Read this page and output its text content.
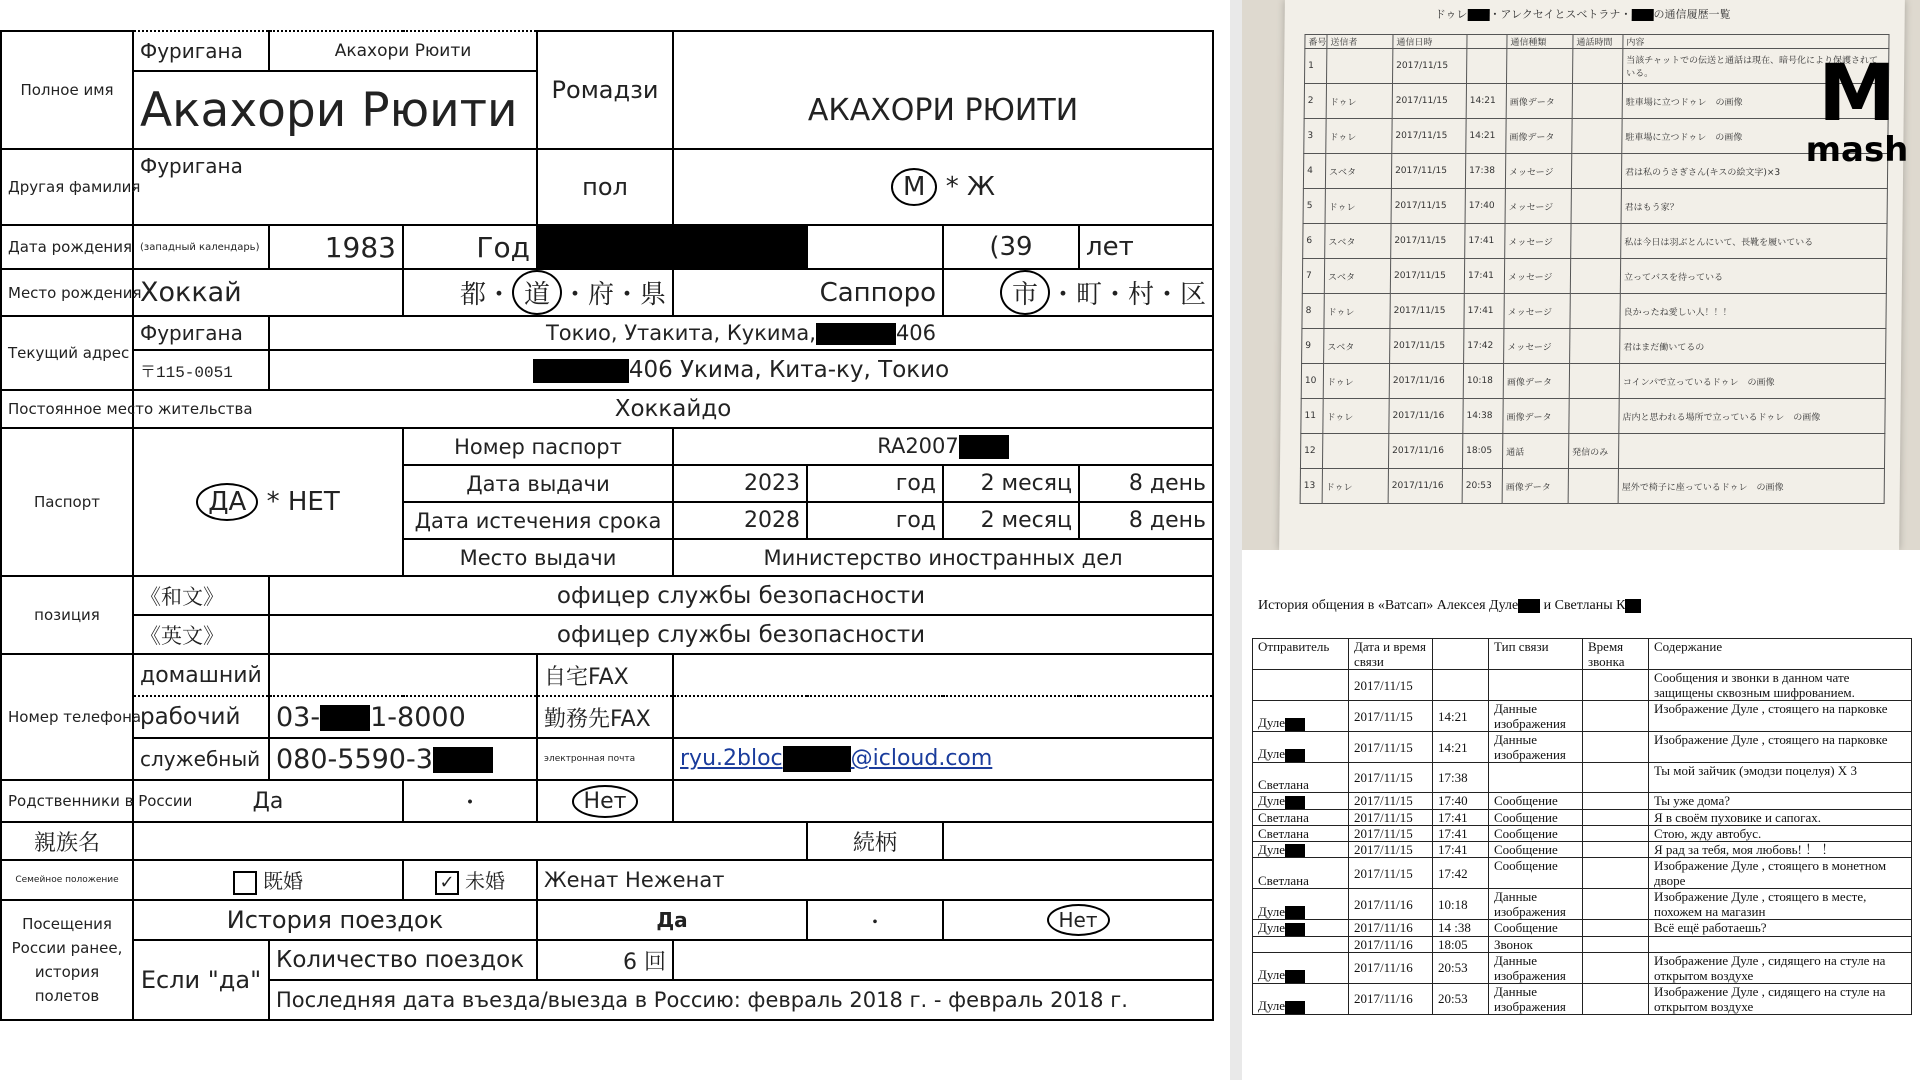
Полное имя	Фуригана	Акахори Рюити		Ромадзи	АКАХОРИ РЮИТИ			
	Акахори Рюити							
Другая фамилия	Фуригана			пол	М * Ж			
Дата рождения	(западный календарь)	1983	Год				(39	лет
Место рождения	Хоккай		都・ 道 ・府・県		Саппоро		市 ・町・村・区	
Текущий адрес	Фуригана	Токио, Утакита, Кукима, 406						
	〒115-0051	406 Укима, Кита-ку, Токио						
Постоянное место жительства	Хоккайдо							
Паспорт	ДА * НЕТ		Номер паспорт		RA2007			
			Дата выдачи		2023	год	2 месяц	8 день
			Дата истечения срока		2028	год	2 месяц	8 день
			Место выдачи		Министерство иностранных дел			
позиция	《和文》	офицер службы безопасности						
	《英文》	офицер службы безопасности						
Номер телефона	домашний			自宅FAX				
	рабочий	03- 1-8000		勤務先FAX				
	служебный	080-5590-3		электронная почта	ryu.2bloc @icloud.com			
Родственники в России	Да		・	Нет				
親族名						続柄		
Семейное положение	既婚		✓ 未婚	Женат Неженат				
Посещения России ранее, история полетов	История поездок			Да		・	Нет	
	Если "да"	Количество поездок		6 回				
		Последняя дата въезда/выезда в Россию: февраль 2018 г. - февраль 2018 г.						
ドゥレ ・アレクセイとスベトラナ・ の通信履歴一覧
番号	送信者	通信日時		通信種類	通話時間	内容
1		2017/11/15				当該チャットでの伝送と通話は現在、暗号化により保護されている。
2	ドゥレ	2017/11/15	14:21	画像データ		駐車場に立つドゥレ　の画像
3	ドゥレ	2017/11/15	14:21	画像データ		駐車場に立つドゥレ　の画像
4	スベタ	2017/11/15	17:38	メッセージ		君は私のうさぎさん(キスの絵文字)×3
5	ドゥレ	2017/11/15	17:40	メッセージ		君はもう家？
6	スベタ	2017/11/15	17:41	メッセージ		私は今日は羽ぶとんにいて、長靴を履いている
7	スベタ	2017/11/15	17:41	メッセージ		立ってバスを待っている
8	ドゥレ	2017/11/15	17:41	メッセージ		良かったね愛しい人！！！
9	スベタ	2017/11/15	17:42	メッセージ		君はまだ働いてるの
10	ドゥレ	2017/11/16	10:18	画像データ		コインパで立っているドゥレ　の画像
11	ドゥレ	2017/11/16	14:38	画像データ		店内と思われる場所で立っているドゥレ　の画像
12		2017/11/16	18:05	通話	発信のみ	
13	ドゥレ	2017/11/16	20:53	画像データ		屋外で椅子に座っているドゥレ　の画像
M
mash
История общения в «Ватсап» Алексея Дуле и Светланы К
Отправитель	Дата и время связи		Тип связи	Время звонка	Содержание
	2017/11/15				Сообщения и звонки в данном чате защищены сквозным шифрованием.
Дуле	2017/11/15	14:21	Данные изображения		Изображение Дуле , стоящего на парковке
Дуле	2017/11/15	14:21	Данные изображения		Изображение Дуле , стоящего на парковке
Светлана	2017/11/15	17:38			Ты мой зайчик (эмодзи поцелуя) Х 3
Дуле	2017/11/15	17:40	Сообщение		Ты уже дома?
Светлана	2017/11/15	17:41	Сообщение		Я в своём пуховике и сапогах.
Светлана	2017/11/15	17:41	Сообщение		Стою, жду автобус.
Дуле	2017/11/15	17:41	Сообщение		Я рад за тебя, моя любовь! ！ ！
Светлана	2017/11/15	17:42	Сообщение		Изображение Дуле , стоящего в монетном дворе
Дуле	2017/11/16	10:18	Данные изображения		Изображение Дуле , стоящего в месте, похожем на магазин
Дуле	2017/11/16	14 :38	Сообщение		Всё ещё работаешь?
	2017/11/16	18:05	Звонок		
Дуле	2017/11/16	20:53	Данные изображения		Изображение Дуле , сидящего на стуле на открытом воздухе
Дуле	2017/11/16	20:53	Данные изображения		Изображение Дуле , сидящего на стуле на открытом воздухе
